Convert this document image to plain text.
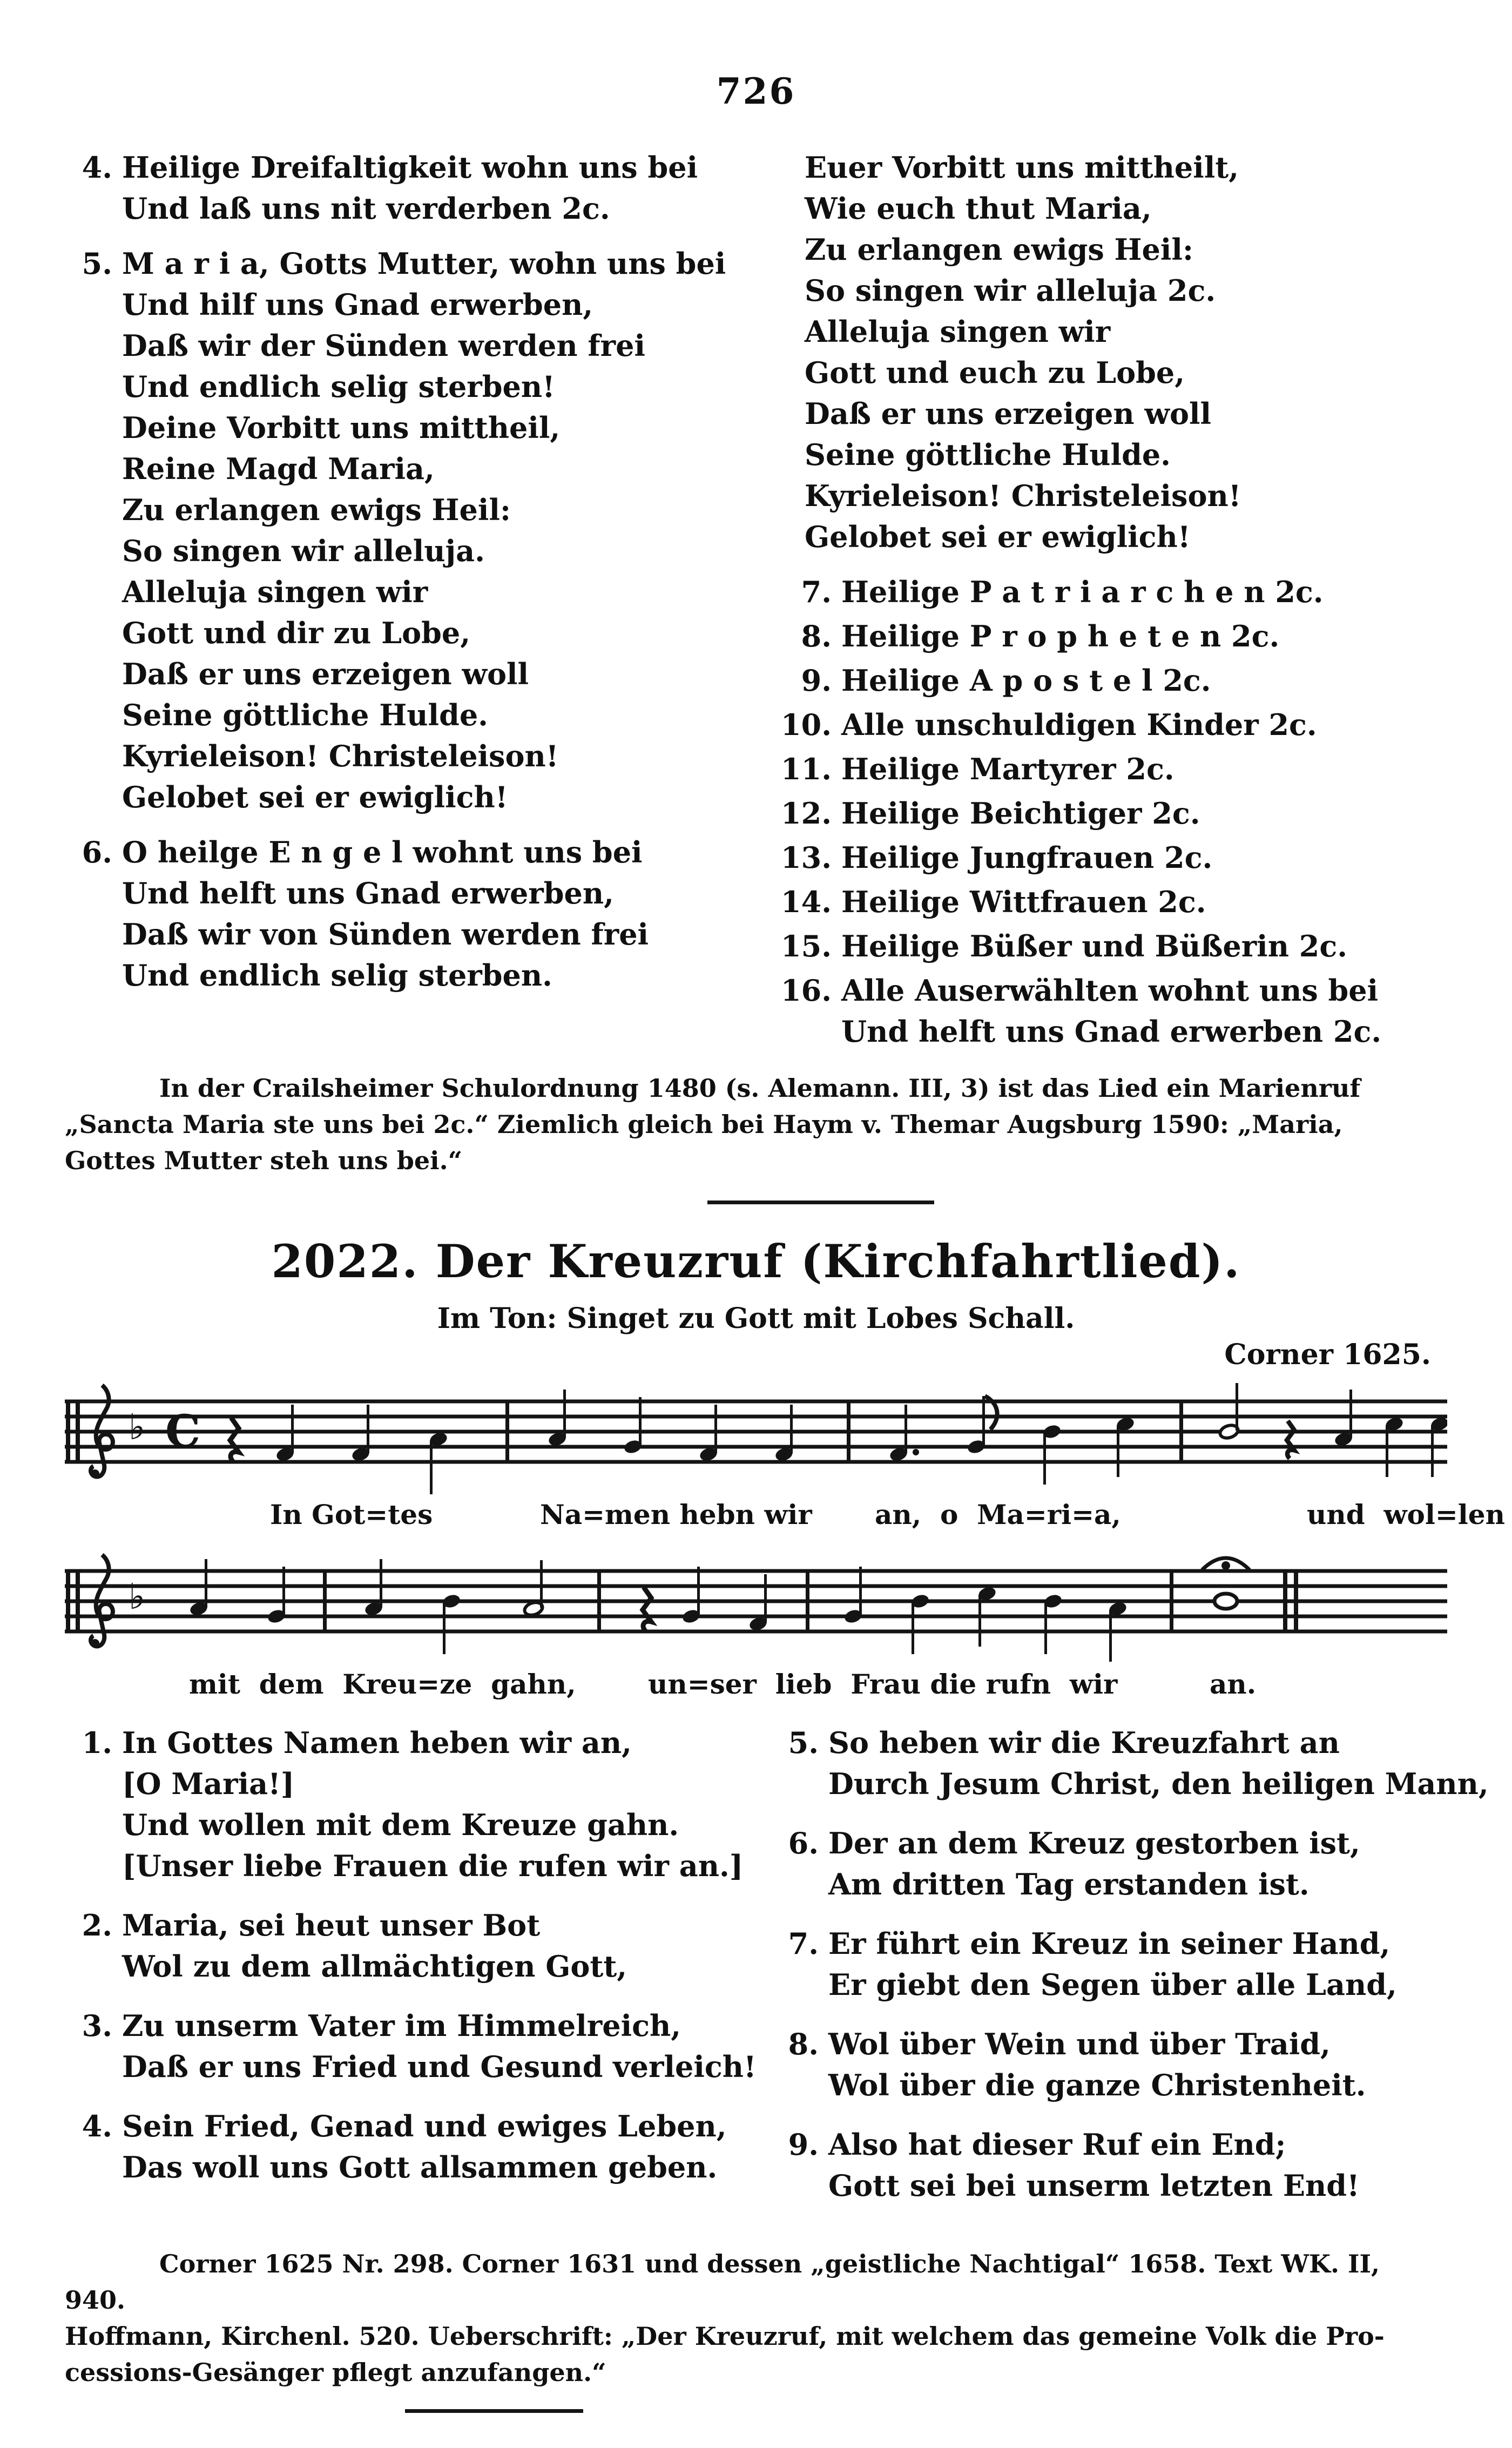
726
4. Heilige Dreifaltigkeit wohn uns bei
Und laß uns nit verderben 2c.
5. M a r i a, Gotts Mutter, wohn uns bei
Und hilf uns Gnad erwerben,
Daß wir der Sünden werden frei
Und endlich selig sterben!
Deine Vorbitt uns mittheil,
Reine Magd Maria,
Zu erlangen ewigs Heil:
So singen wir alleluja.
Alleluja singen wir
Gott und dir zu Lobe,
Daß er uns erzeigen woll
Seine göttliche Hulde.
Kyrieleison! Christeleison!
Gelobet sei er ewiglich!
6. O heilge E n g e l wohnt uns bei
Und helft uns Gnad erwerben,
Daß wir von Sünden werden frei
Und endlich selig sterben.
Euer Vorbitt uns mittheilt,
Wie euch thut Maria,
Zu erlangen ewigs Heil:
So singen wir alleluja 2c.
Alleluja singen wir
Gott und euch zu Lobe,
Daß er uns erzeigen woll
Seine göttliche Hulde.
Kyrieleison! Christeleison!
Gelobet sei er ewiglich!
7. Heilige P a t r i a r c h e n 2c.
8. Heilige P r o p h e t e n 2c.
9. Heilige A p o s t e l 2c.
10. Alle unschuldigen Kinder 2c.
11. Heilige Martyrer 2c.
12. Heilige Beichtiger 2c.
13. Heilige Jungfrauen 2c.
14. Heilige Wittfrauen 2c.
15. Heilige Büßer und Büßerin 2c.
16. Alle Auserwählten wohnt uns bei
Und helft uns Gnad erwerben 2c.
In der Crailsheimer Schulordnung 1480 (s. Alemann. III, 3) ist das Lied ein Marienruf
„Sancta Maria ste uns bei 2c.“ Ziemlich gleich bei Haym v. Themar Augsburg 1590: „Maria,
Gottes Mutter steh uns bei.“
2022. Der Kreuzruf (Kirchfahrtlied).
Im Ton: Singet zu Gott mit Lobes Schall.
Corner 1625.
♭ C
In Got=tes	Na=men hebn wir an,  o  Ma=ri=a,	und  wol=len
♭
mit  dem  Kreu=ze  gahn,	un=ser  lieb  Frau die rufn  wir	an.
1. In Gottes Namen heben wir an,
[O Maria!]
Und wollen mit dem Kreuze gahn.
[Unser liebe Frauen die rufen wir an.]
2. Maria, sei heut unser Bot
Wol zu dem allmächtigen Gott,
3. Zu unserm Vater im Himmelreich,
Daß er uns Fried und Gesund verleich!
4. Sein Fried, Genad und ewiges Leben,
Das woll uns Gott allsammen geben.
5. So heben wir die Kreuzfahrt an
Durch Jesum Christ, den heiligen Mann,
6. Der an dem Kreuz gestorben ist,
Am dritten Tag erstanden ist.
7. Er führt ein Kreuz in seiner Hand,
Er giebt den Segen über alle Land,
8. Wol über Wein und über Traid,
Wol über die ganze Christenheit.
9. Also hat dieser Ruf ein End;
Gott sei bei unserm letzten End!
Corner 1625 Nr. 298. Corner 1631 und dessen „geistliche Nachtigal“ 1658. Text WK. II, 940.
Hoffmann, Kirchenl. 520. Ueberschrift: „Der Kreuzruf, mit welchem das gemeine Volk die Pro-
cessions-Gesänger pflegt anzufangen.“
